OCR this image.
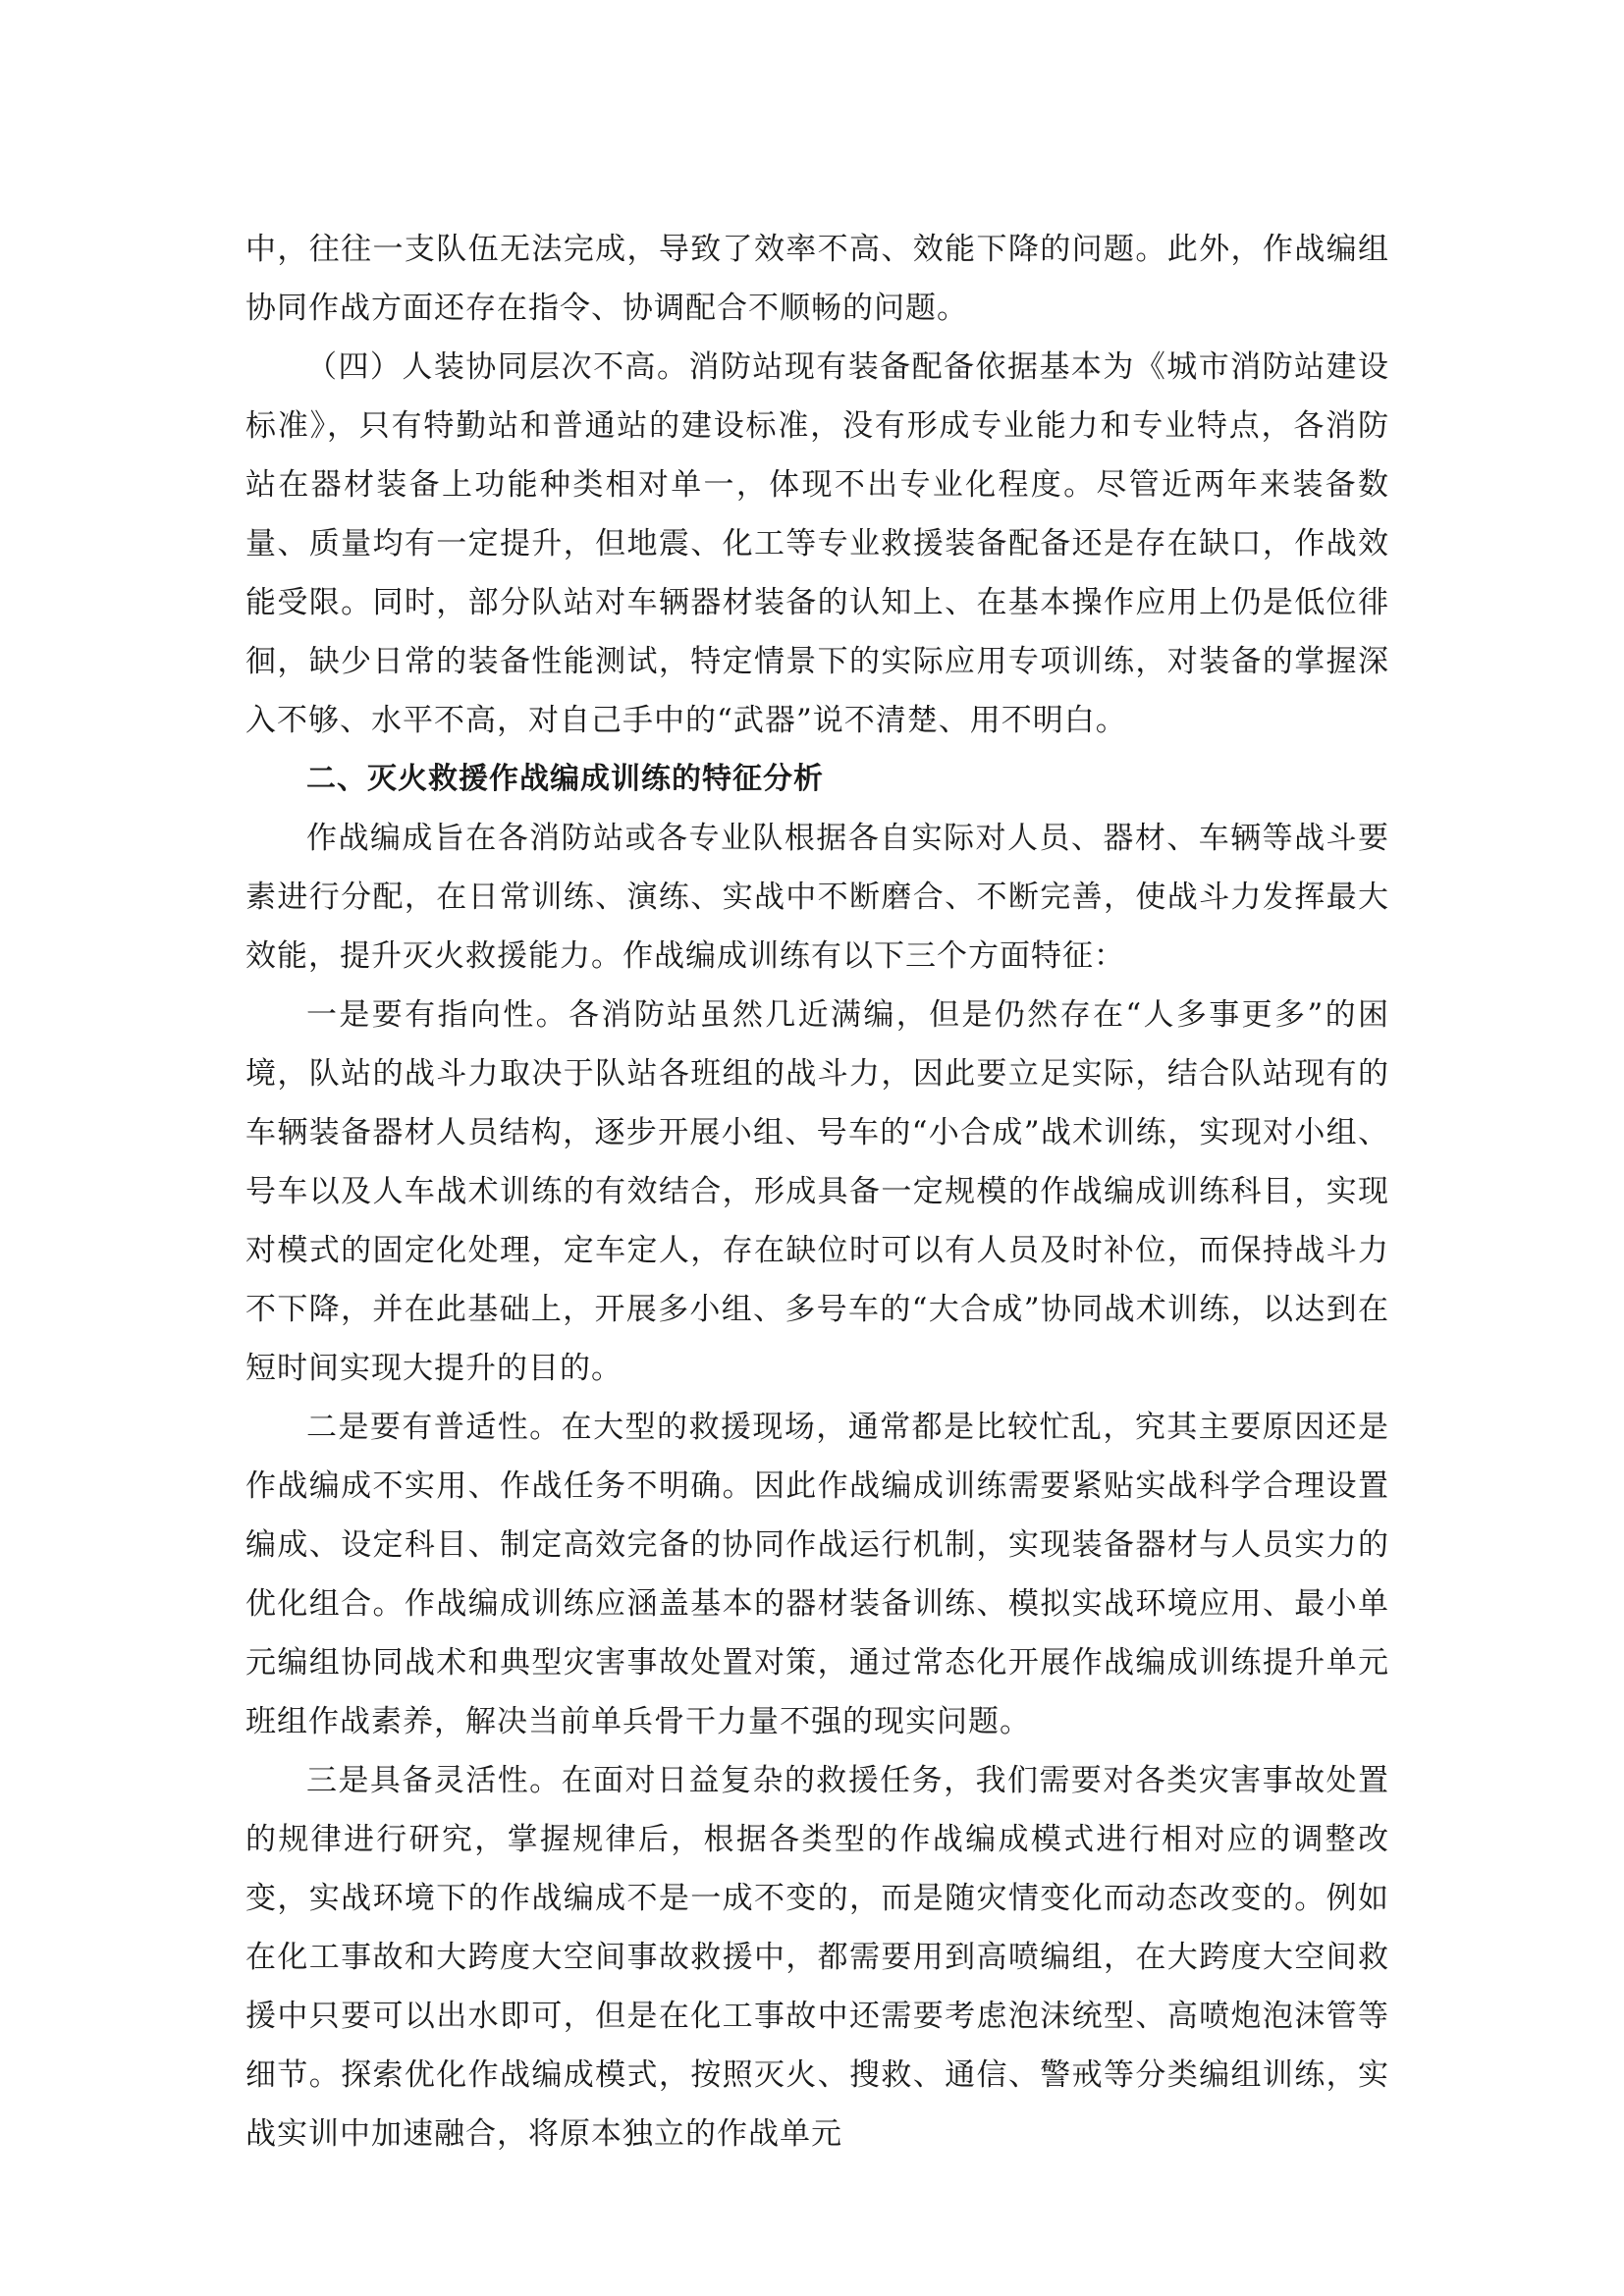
中，往往一支队伍无法完成，导致了效率不高、效能下降的问题。此外，作战编组协同作战方面还存在指令、协调配合不顺畅的问题。

（四）人装协同层次不高。消防站现有装备配备依据基本为《城市消防站建设标准》，只有特勤站和普通站的建设标准，没有形成专业能力和专业特点，各消防站在器材装备上功能种类相对单一，体现不出专业化程度。尽管近两年来装备数量、质量均有一定提升，但地震、化工等专业救援装备配备还是存在缺口，作战效能受限。同时，部分队站对车辆器材装备的认知上、在基本操作应用上仍是低位徘徊，缺少日常的装备性能测试，特定情景下的实际应用专项训练，对装备的掌握深入不够、水平不高，对自己手中的“武器”说不清楚、用不明白。

二、灭火救援作战编成训练的特征分析

作战编成旨在各消防站或各专业队根据各自实际对人员、器材、车辆等战斗要素进行分配，在日常训练、演练、实战中不断磨合、不断完善，使战斗力发挥最大效能，提升灭火救援能力。作战编成训练有以下三个方面特征：

一是要有指向性。各消防站虽然几近满编，但是仍然存在“人多事更多”的困境，队站的战斗力取决于队站各班组的战斗力，因此要立足实际，结合队站现有的车辆装备器材人员结构，逐步开展小组、号车的“小合成”战术训练，实现对小组、号车以及人车战术训练的有效结合，形成具备一定规模的作战编成训练科目，实现对模式的固定化处理，定车定人，存在缺位时可以有人员及时补位，而保持战斗力不下降，并在此基础上，开展多小组、多号车的“大合成”协同战术训练，以达到在短时间实现大提升的目的。

二是要有普适性。在大型的救援现场，通常都是比较忙乱，究其主要原因还是作战编成不实用、作战任务不明确。因此作战编成训练需要紧贴实战科学合理设置编成、设定科目、制定高效完备的协同作战运行机制，实现装备器材与人员实力的优化组合。作战编成训练应涵盖基本的器材装备训练、模拟实战环境应用、最小单元编组协同战术和典型灾害事故处置对策，通过常态化开展作战编成训练提升单元班组作战素养，解决当前单兵骨干力量不强的现实问题。

三是具备灵活性。在面对日益复杂的救援任务，我们需要对各类灾害事故处置的规律进行研究，掌握规律后，根据各类型的作战编成模式进行相对应的调整改变，实战环境下的作战编成不是一成不变的，而是随灾情变化而动态改变的。例如在化工事故和大跨度大空间事故救援中，都需要用到高喷编组，在大跨度大空间救援中只要可以出水即可，但是在化工事故中还需要考虑泡沫统型、高喷炮泡沫管等细节。探索优化作战编成模式，按照灭火、搜救、通信、警戒等分类编组训练，实战实训中加速融合，将原本独立的作战单元
